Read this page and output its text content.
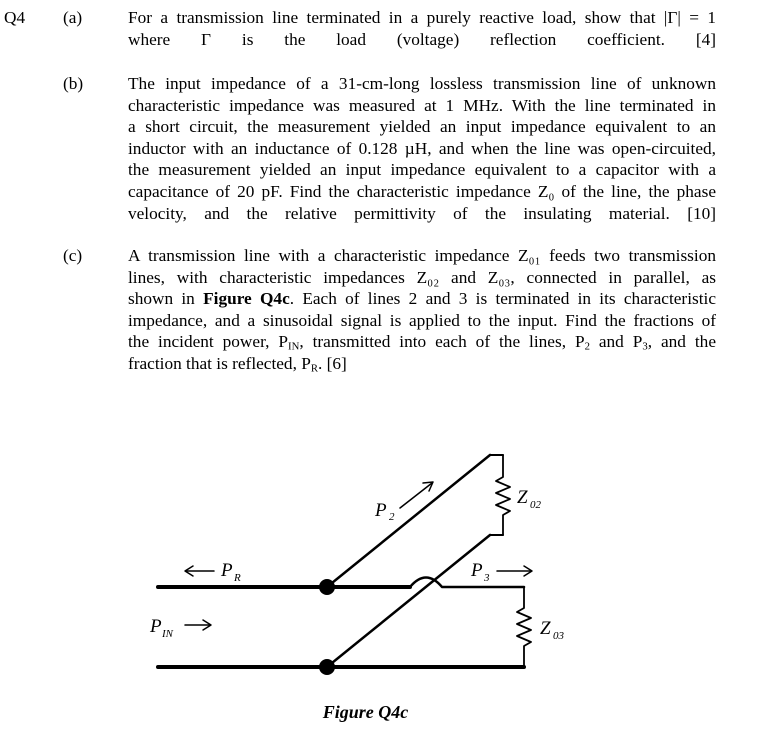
Q4 (a)	For a transmission line terminated in a purely reactive load, show that |Γ| = 1
where Γ is the load (voltage) reflection coefficient. [4]
(b)	The input impedance of a 31-cm-long lossless transmission line of unknown
characteristic impedance was measured at 1 MHz. With the line terminated in
a short circuit, the measurement yielded an input impedance equivalent to an
inductor with an inductance of 0.128 µH, and when the line was open-circuited,
the measurement yielded an input impedance equivalent to a capacitor with a
capacitance of 20 pF. Find the characteristic impedance Z₀ of the line, the phase
velocity, and the relative permittivity of the insulating material. [10]
(c)	A transmission line with a characteristic impedance Z₀₁ feeds two transmission
lines, with characteristic impedances Z₀₂ and Z₀₃, connected in parallel, as
shown in Figure Q4c. Each of lines 2 and 3 is terminated in its characteristic
impedance, and a sinusoidal signal is applied to the input. Find the fractions of
the incident power, $P_{IN}$, transmitted into each of the lines, $P_2$ and $P_3$, and the
fraction that is reflected, $P_R$. [6]
P 2
Z 02
P R	P 3
P IN	Z 03
Figure Q4c
